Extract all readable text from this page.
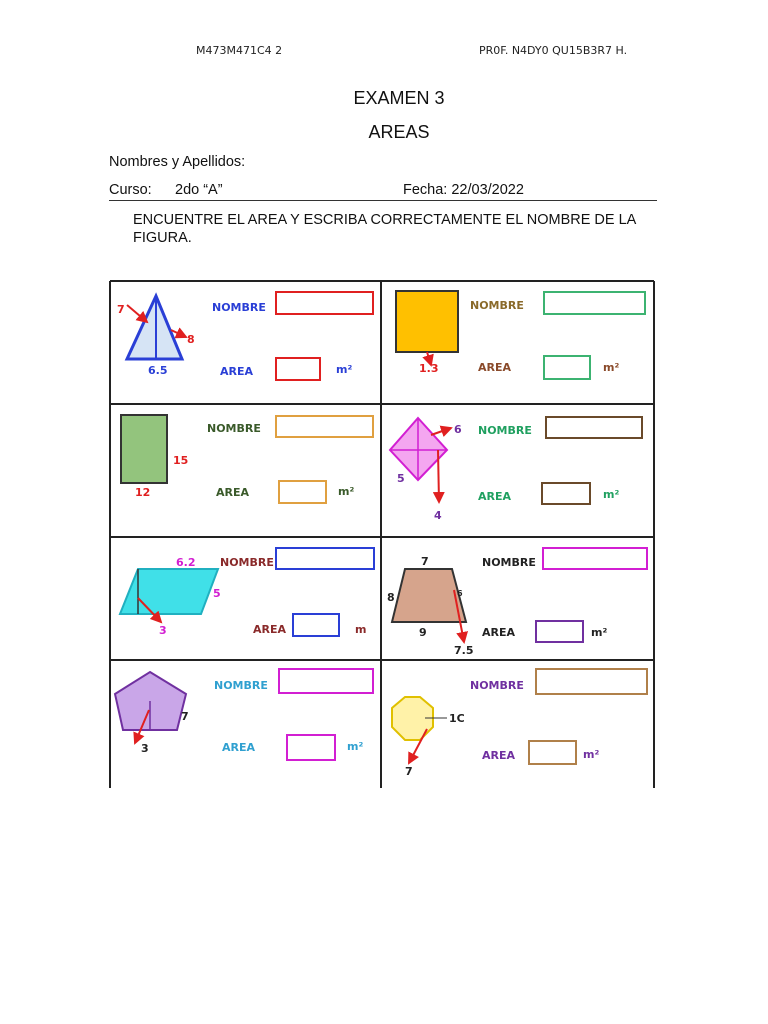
M473M471C4 2	PR0F. N4DY0 QU15B3R7 H.
EXAMEN 3
AREAS
Nombres y Apellidos:
Curso: 2do “A”	Fecha: 22/03/2022
ENCUENTRE EL AREA Y ESCRIBA CORRECTAMENTE EL NOMBRE DE LA FIGURA.
7
8
6.5
NOMBRE
AREA	m²	1.3
NOMBRE
AREA	m²
15
12
NOMBRE
AREA	m²
6
5
4
NOMBRE
AREA	m²
6.2
5
3
NOMBRE
AREA	m
7
8
9
7.5
6
NOMBRE
AREA	m²
7
3
NOMBRE
AREA	m²
1C
7
NOMBRE
AREA	m²
